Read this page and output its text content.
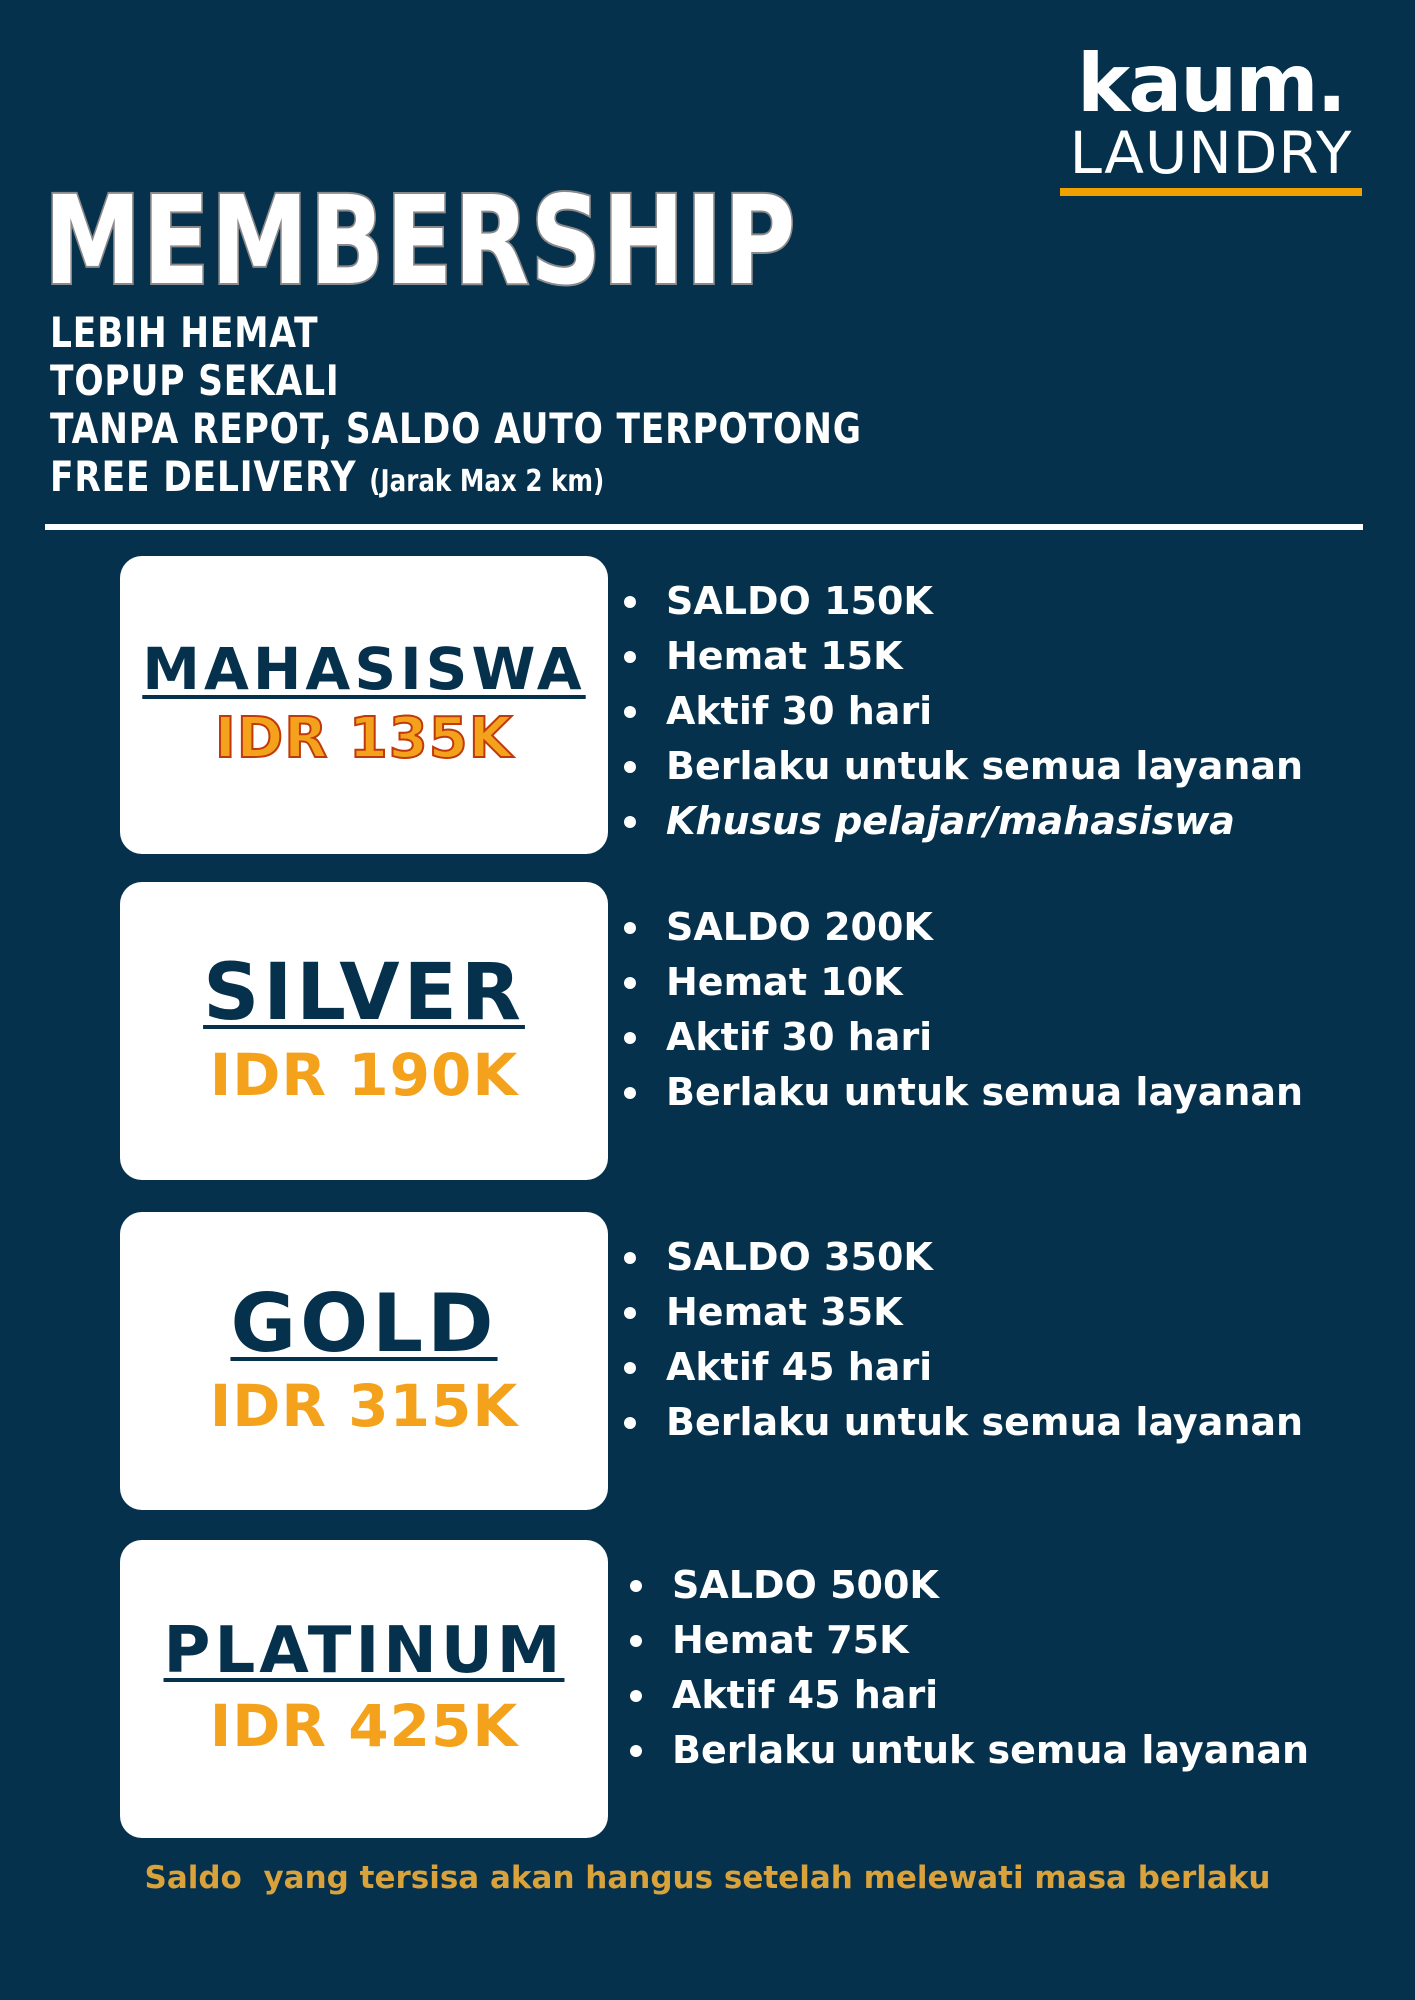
kaum.
LAUNDRY
MEMBERSHIP
LEBIH HEMAT
TOPUP SEKALI
TANPA REPOT, SALDO AUTO TERPOTONG
FREE DELIVERY (Jarak Max 2 km)
MAHASISWA
IDR 135K
SALDO 150K
Hemat 15K
Aktif 30 hari
Berlaku untuk semua layanan
Khusus pelajar/mahasiswa
SILVER
IDR 190K
SALDO 200K
Hemat 10K
Aktif 30 hari
Berlaku untuk semua layanan
GOLD
IDR 315K
SALDO 350K
Hemat 35K
Aktif 45 hari
Berlaku untuk semua layanan
PLATINUM
IDR 425K
SALDO 500K
Hemat 75K
Aktif 45 hari
Berlaku untuk semua layanan
Saldo  yang tersisa akan hangus setelah melewati masa berlaku
